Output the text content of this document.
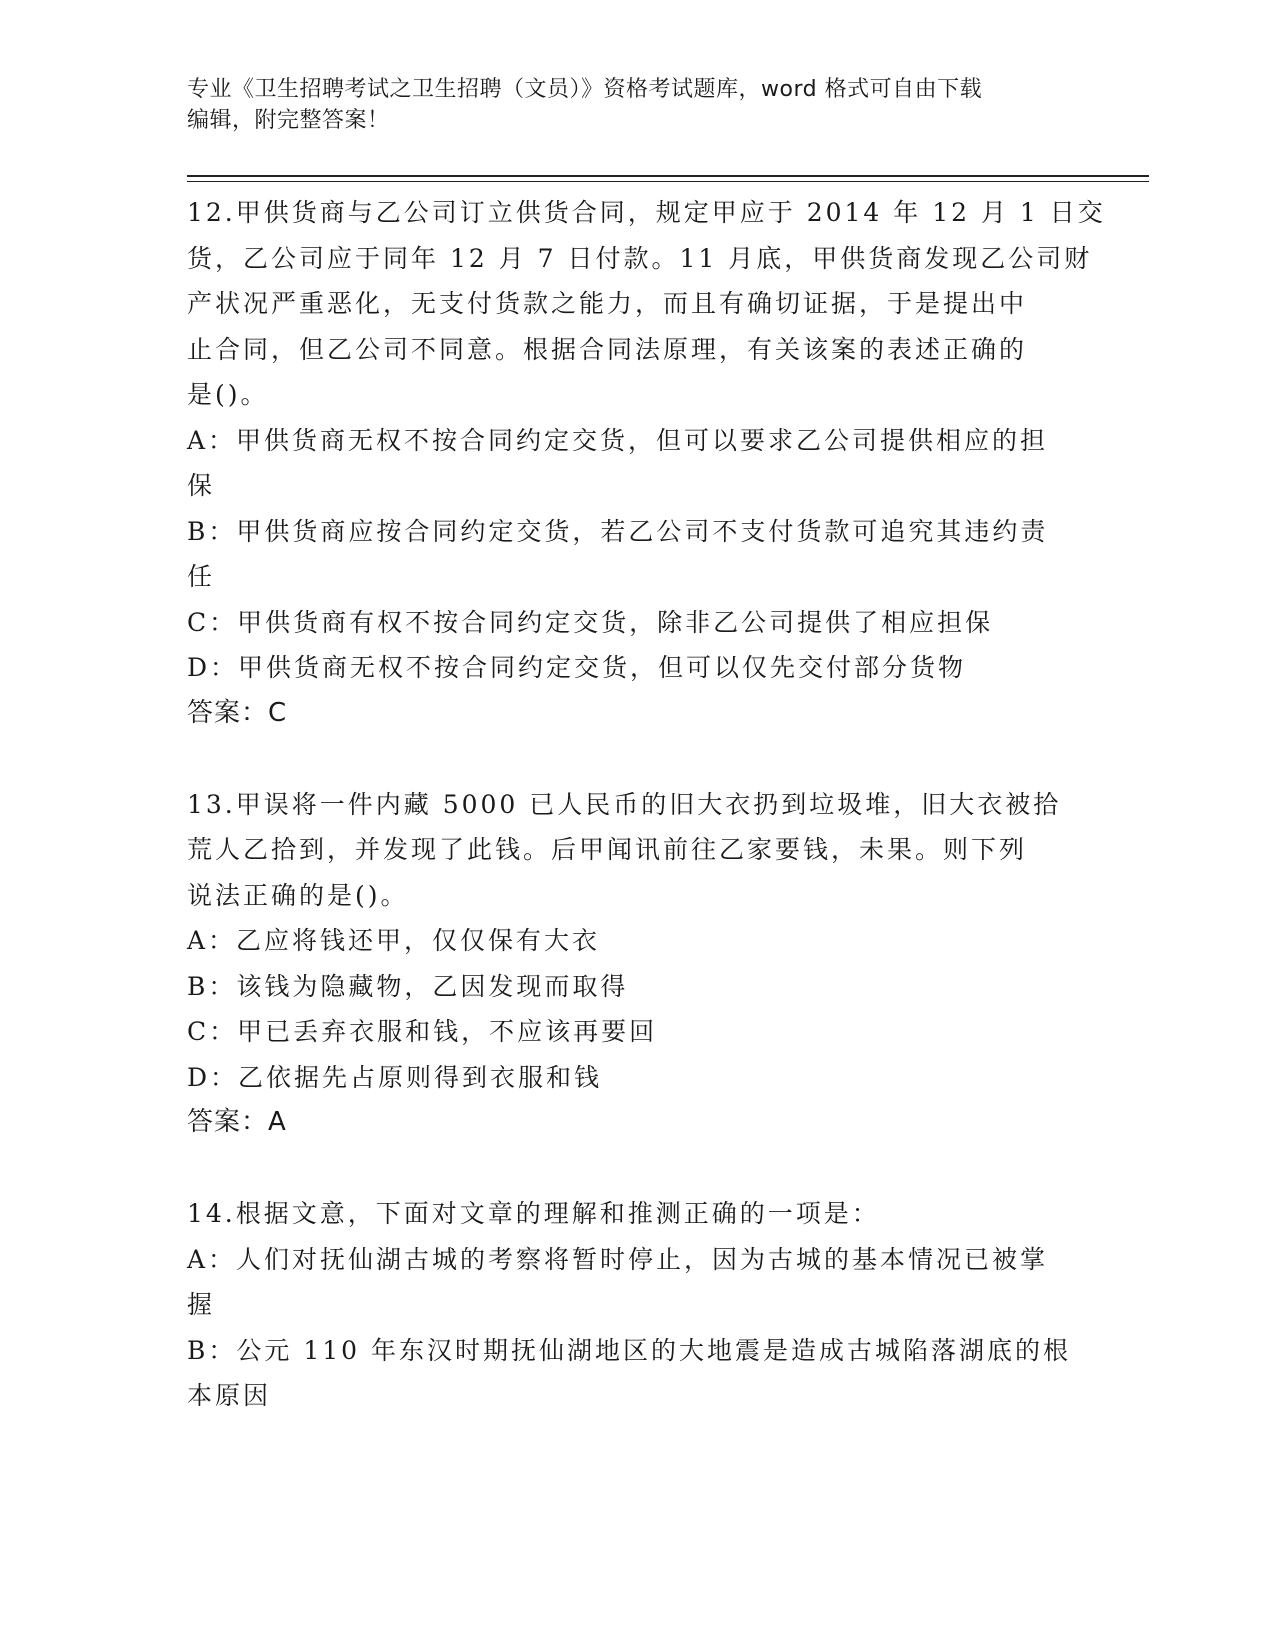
专业《卫生招聘考试之卫生招聘（文员）》资格考试题库，word 格式可自由下载
编辑，附完整答案！
12.甲供货商与乙公司订立供货合同，规定甲应于 2014 年 12 月 1 日交
货，乙公司应于同年 12 月 7 日付款。11 月底，甲供货商发现乙公司财
产状况严重恶化，无支付货款之能力，而且有确切证据，于是提出中
止合同，但乙公司不同意。根据合同法原理，有关该案的表述正确的
是()。
A：甲供货商无权不按合同约定交货，但可以要求乙公司提供相应的担
保
B：甲供货商应按合同约定交货，若乙公司不支付货款可追究其违约责
任
C：甲供货商有权不按合同约定交货，除非乙公司提供了相应担保
D：甲供货商无权不按合同约定交货，但可以仅先交付部分货物
答案：C
13.甲误将一件内藏 5000 已人民币的旧大衣扔到垃圾堆，旧大衣被拾
荒人乙拾到，并发现了此钱。后甲闻讯前往乙家要钱，未果。则下列
说法正确的是()。
A：乙应将钱还甲，仅仅保有大衣
B：该钱为隐藏物，乙因发现而取得
C：甲已丢弃衣服和钱，不应该再要回
D：乙依据先占原则得到衣服和钱
答案：A
14.根据文意，下面对文章的理解和推测正确的一项是：
A：人们对抚仙湖古城的考察将暂时停止，因为古城的基本情况已被掌
握
B：公元 110 年东汉时期抚仙湖地区的大地震是造成古城陷落湖底的根
本原因
